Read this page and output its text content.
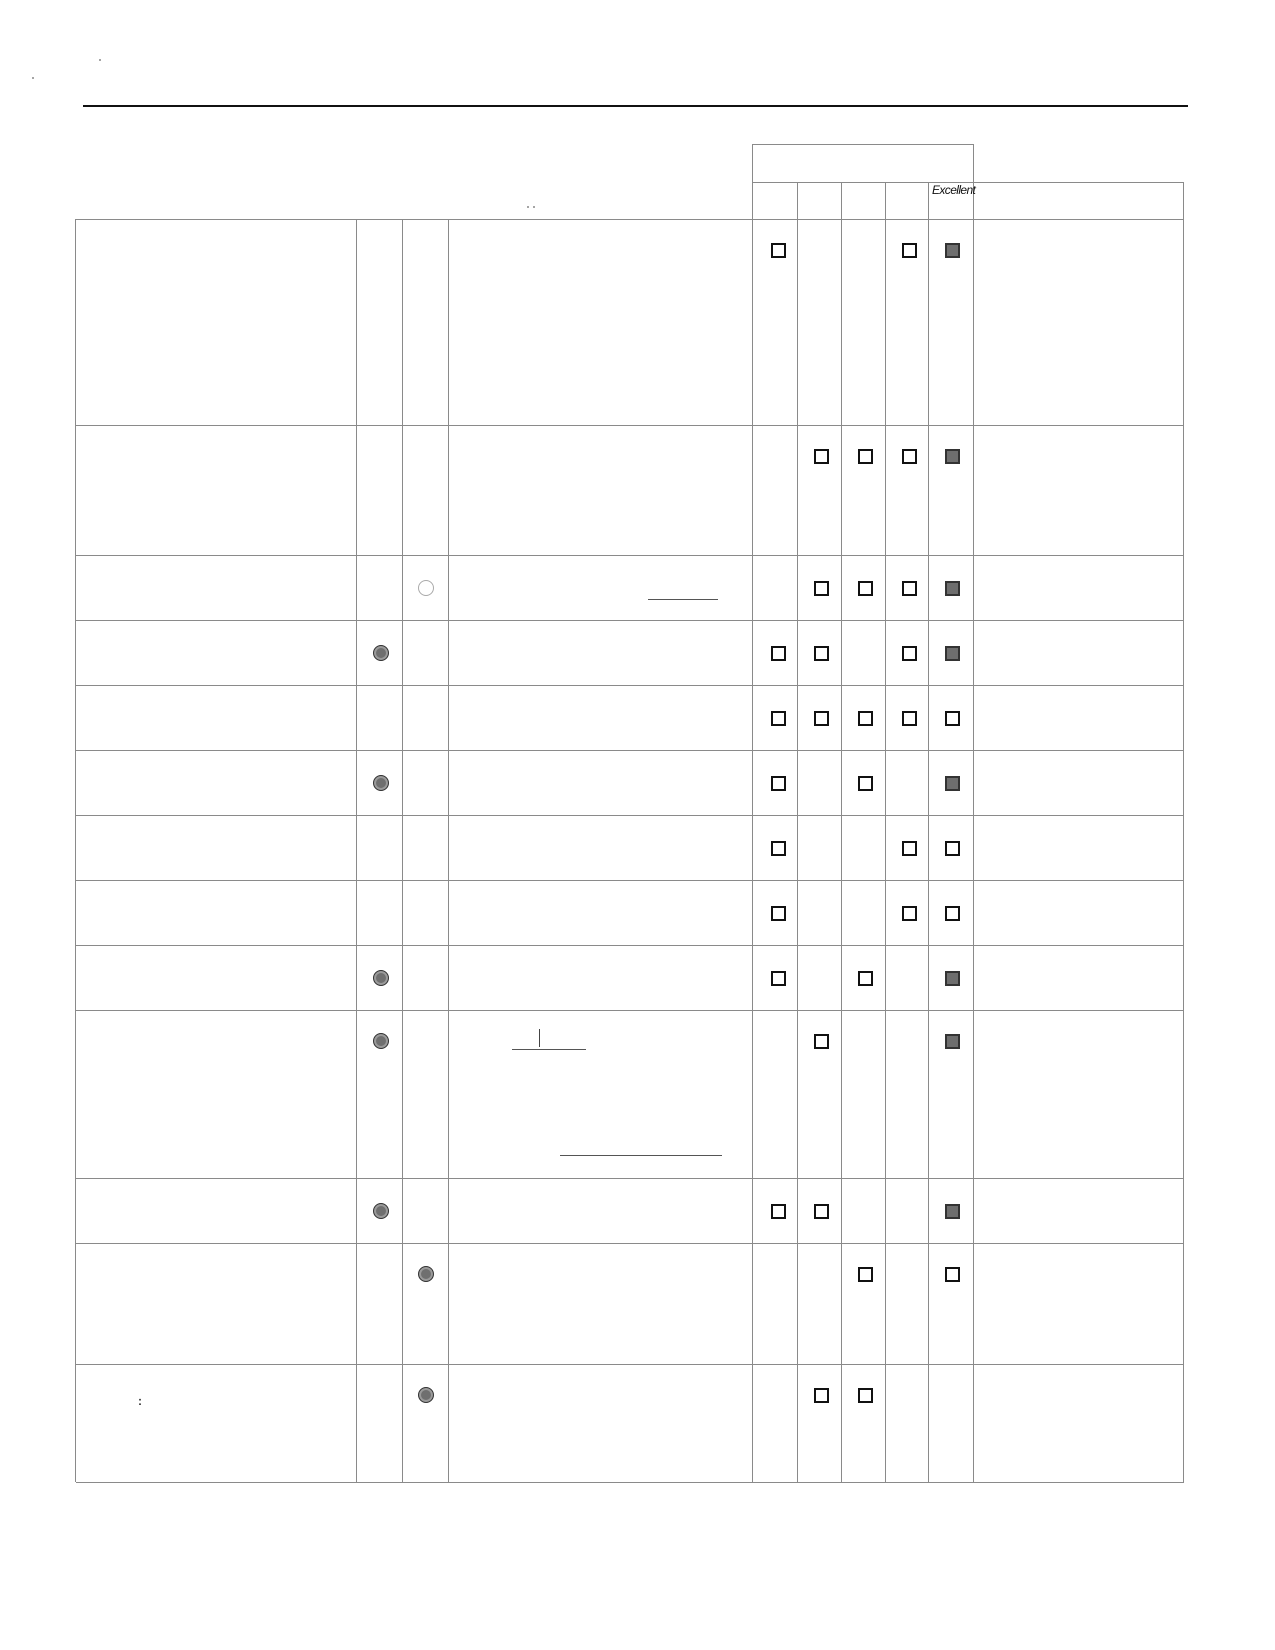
Excellent
:
